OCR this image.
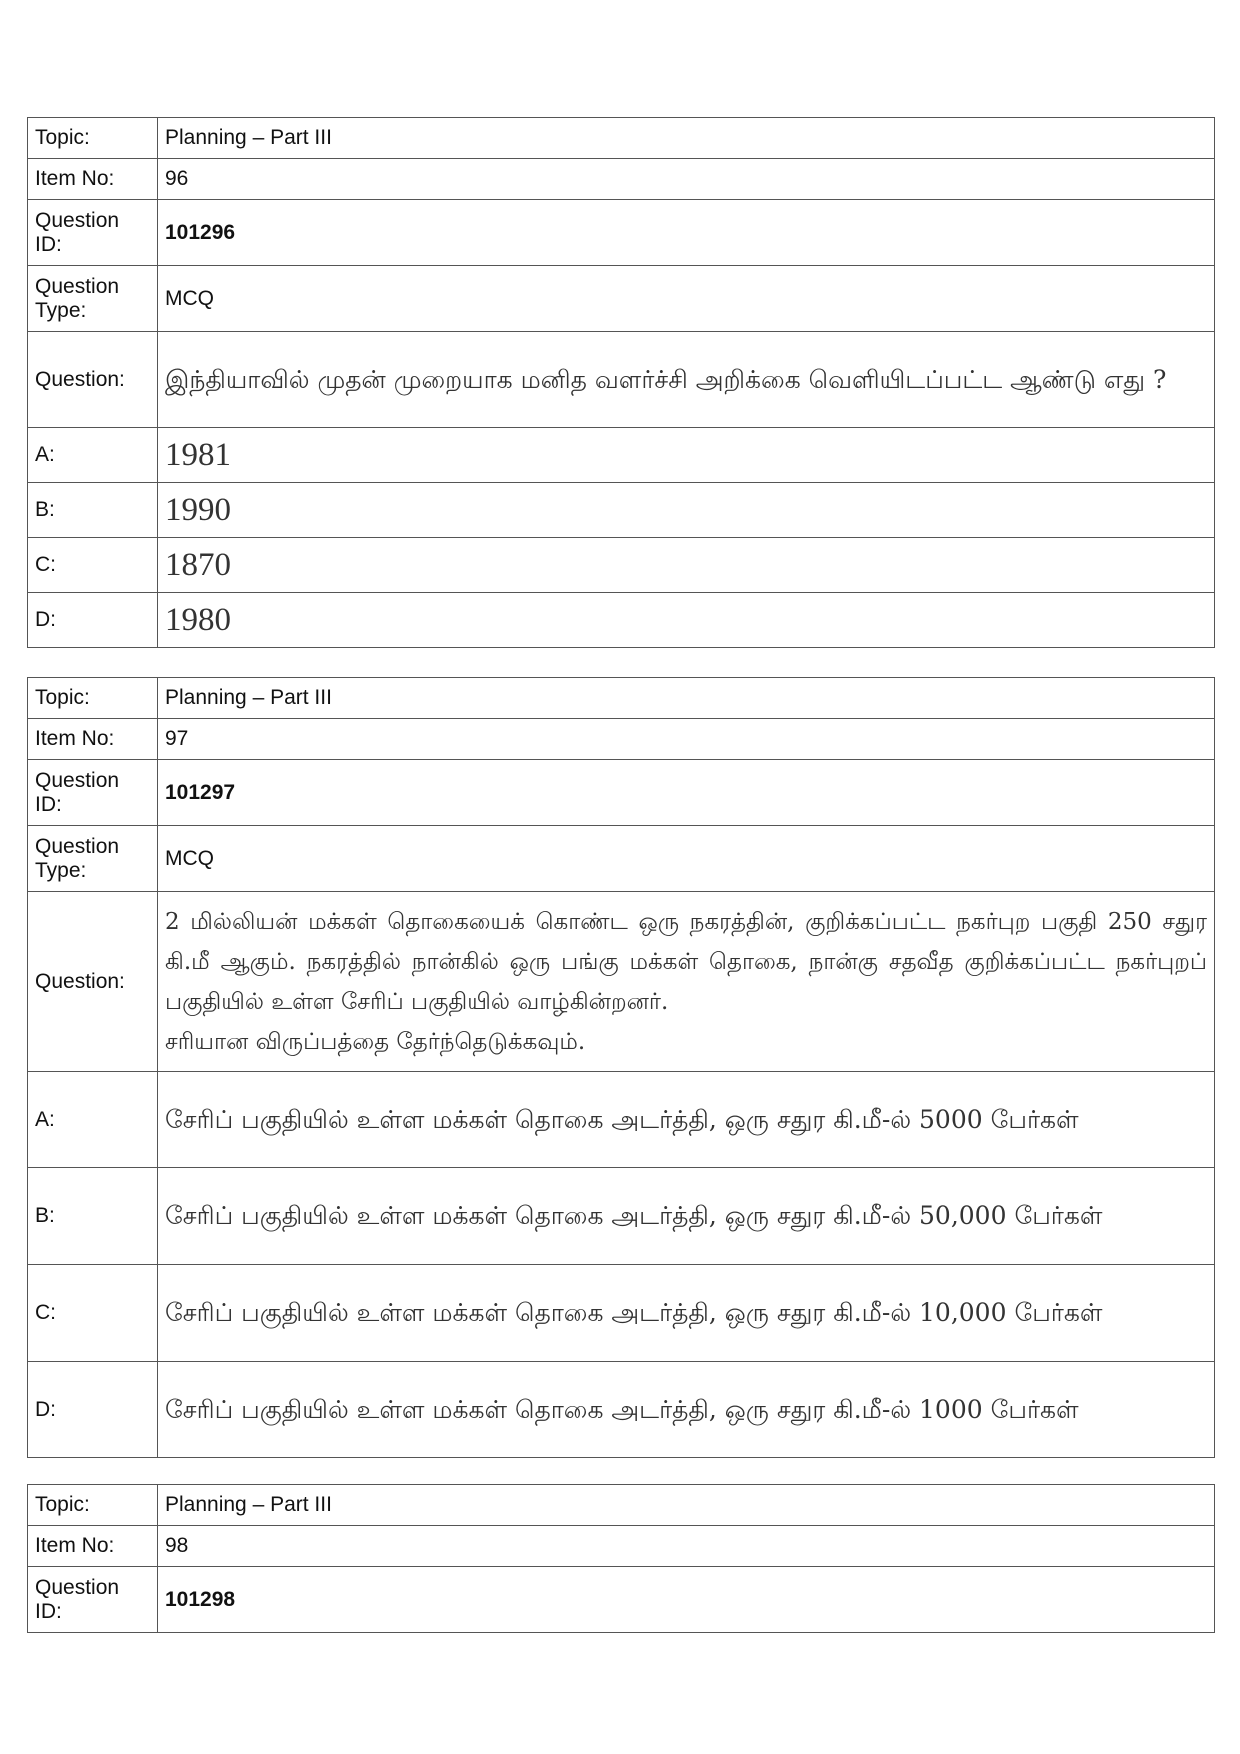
Topic:	Planning – Part III
Item No:	96
Question ID:	101296
Question Type:	MCQ
Question:	இந்தியாவில் முதன் முறையாக மனித வளர்ச்சி அறிக்கை வெளியிடப்பட்ட ஆண்டு எது ?
A:	1981
B:	1990
C:	1870
D:	1980
Topic:	Planning – Part III
Item No:	97
Question ID:	101297
Question Type:	MCQ
Question:	2 மில்லியன் மக்கள் தொகையைக் கொண்ட ஒரு நகரத்தின், குறிக்கப்பட்ட நகர்புற பகுதி 250 சதுர கி.மீ ஆகும். நகரத்தில் நான்கில் ஒரு பங்கு மக்கள் தொகை, நான்கு சதவீத குறிக்கப்பட்ட நகர்புறப் பகுதியில் உள்ள சேரிப் பகுதியில் வாழ்கின்றனர்.
சரியான விருப்பத்தை தேர்ந்தெடுக்கவும்.

A:	சேரிப் பகுதியில் உள்ள மக்கள் தொகை அடர்த்தி, ஒரு சதுர கி.மீ-ல் 5000 பேர்கள்
B:	சேரிப் பகுதியில் உள்ள மக்கள் தொகை அடர்த்தி, ஒரு சதுர கி.மீ-ல் 50,000 பேர்கள்
C:	சேரிப் பகுதியில் உள்ள மக்கள் தொகை அடர்த்தி, ஒரு சதுர கி.மீ-ல் 10,000 பேர்கள்
D:	சேரிப் பகுதியில் உள்ள மக்கள் தொகை அடர்த்தி, ஒரு சதுர கி.மீ-ல் 1000 பேர்கள்
Topic:	Planning – Part III
Item No:	98
Question ID:	101298
